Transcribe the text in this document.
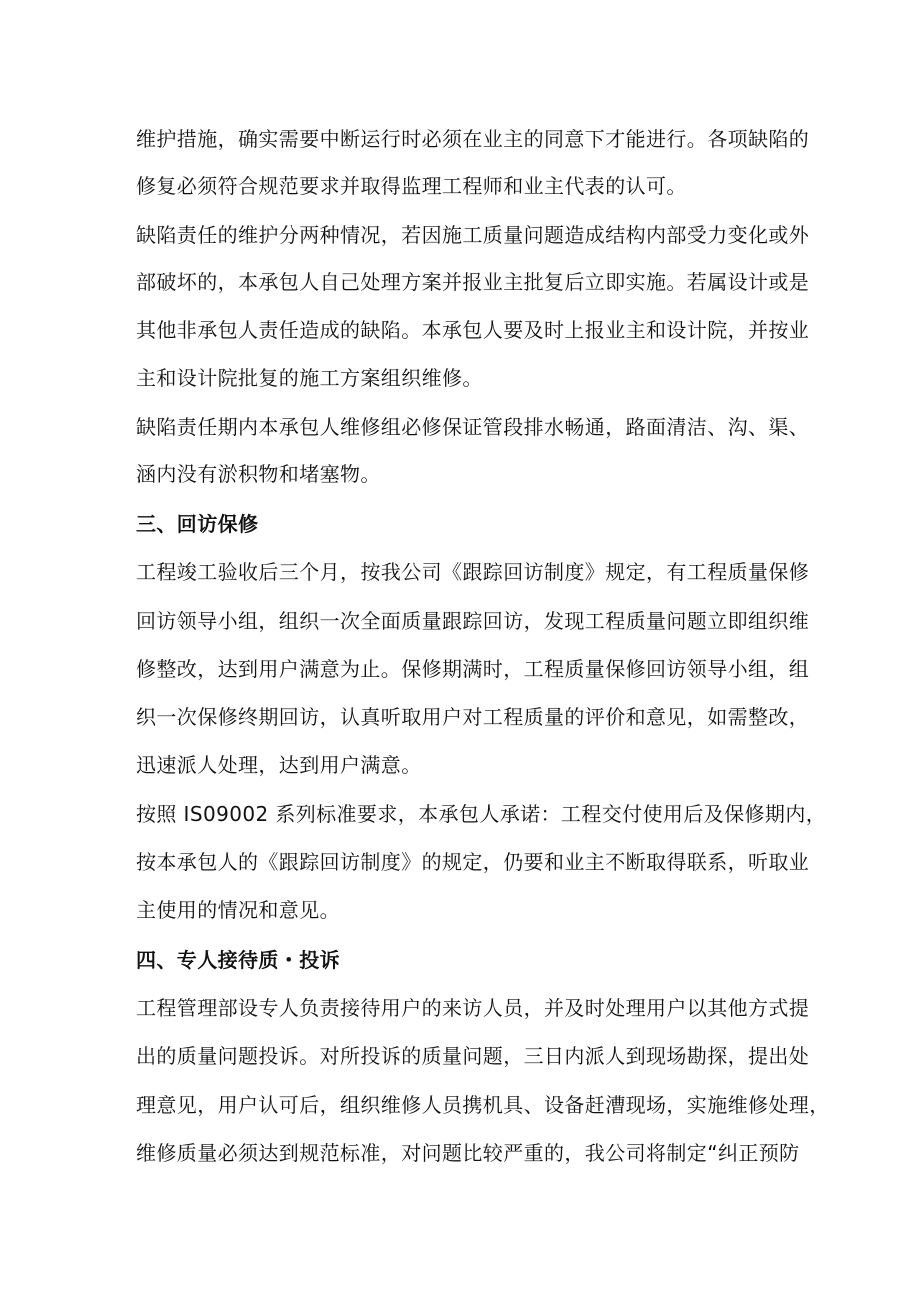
维护措施，确实需要中断运行时必须在业主的同意下才能进行。各项缺陷的
修复必须符合规范要求并取得监理工程师和业主代表的认可。
缺陷责任的维护分两种情况，若因施工质量问题造成结构内部受力变化或外
部破坏的，本承包人自己处理方案并报业主批复后立即实施。若属设计或是
其他非承包人责任造成的缺陷。本承包人要及时上报业主和设计院，并按业
主和设计院批复的施工方案组织维修。
缺陷责任期内本承包人维修组必修保证管段排水畅通，路面清洁、沟、渠、
涵内没有淤积物和堵塞物。
三、回访保修
工程竣工验收后三个月，按我公司《跟踪回访制度》规定，有工程质量保修
回访领导小组，组织一次全面质量跟踪回访，发现工程质量问题立即组织维
修整改，达到用户满意为止。保修期满时，工程质量保修回访领导小组，组
织一次保修终期回访，认真听取用户对工程质量的评价和意见，如需整改，
迅速派人处理，达到用户满意。
按照 IS09002 系列标准要求，本承包人承诺：工程交付使用后及保修期内，
按本承包人的《跟踪回访制度》的规定，仍要和业主不断取得联系，听取业
主使用的情况和意见。
四、专人接待质・投诉
工程管理部设专人负责接待用户的来访人员，并及时处理用户以其他方式提
出的质量问题投诉。对所投诉的质量问题，三日内派人到现场勘探，提出处
理意见，用户认可后，组织维修人员携机具、设备赶漕现场，实施维修处理，
维修质量必须达到规范标准，对问题比较严重的，我公司将制定“纠正预防
